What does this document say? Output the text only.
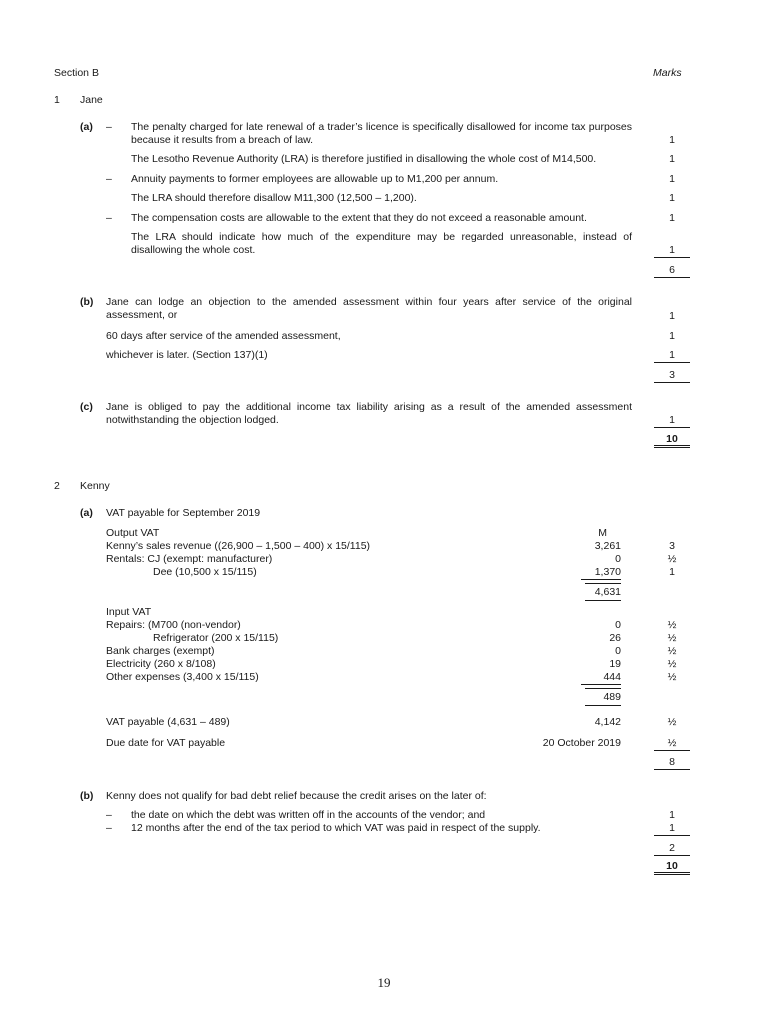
Section B	Marks
1 Jane
(a) – The penalty charged for late renewal of a trader’s licence is specifically disallowed for income tax purposes because it results from a breach of law.	1
The Lesotho Revenue Authority (LRA) is therefore justified in disallowing the whole cost of M14,500.	1
– Annuity payments to former employees are allowable up to M1,200 per annum.	1
The LRA should therefore disallow M11,300 (12,500 – 1,200).	1
– The compensation costs are allowable to the extent that they do not exceed a reasonable amount.	1
The LRA should indicate how much of the expenditure may be regarded unreasonable, instead of disallowing the whole cost.	1
6
(b) Jane can lodge an objection to the amended assessment within four years after service of the original assessment, or	1
60 days after service of the amended assessment,	1
whichever is later. (Section 137)(1)	1
3
(c) Jane is obliged to pay the additional income tax liability arising as a result of the amended assessment notwithstanding the objection lodged.	1
10
2 Kenny
(a) VAT payable for September 2019
Output VAT	M
Kenny’s sales revenue ((26,900 – 1,500 – 400) x 15/115)	3,261	3
Rentals: CJ (exempt: manufacturer)	0	½
Dee (10,500 x 15/115)	1,370	1
4,631
Input VAT
Repairs: (M700 (non-vendor)	0	½
Refrigerator (200 x 15/115)	26	½
Bank charges (exempt)	0	½
Electricity (260 x 8/108)	19	½
Other expenses (3,400 x 15/115)	444	½
489
VAT payable (4,631 – 489)	4,142	½
Due date for VAT payable	20 October 2019	½
8
(b) Kenny does not qualify for bad debt relief because the credit arises on the later of:
– the date on which the debt was written off in the accounts of the vendor; and	1
– 12 months after the end of the tax period to which VAT was paid in respect of the supply.	1
2
10
19
